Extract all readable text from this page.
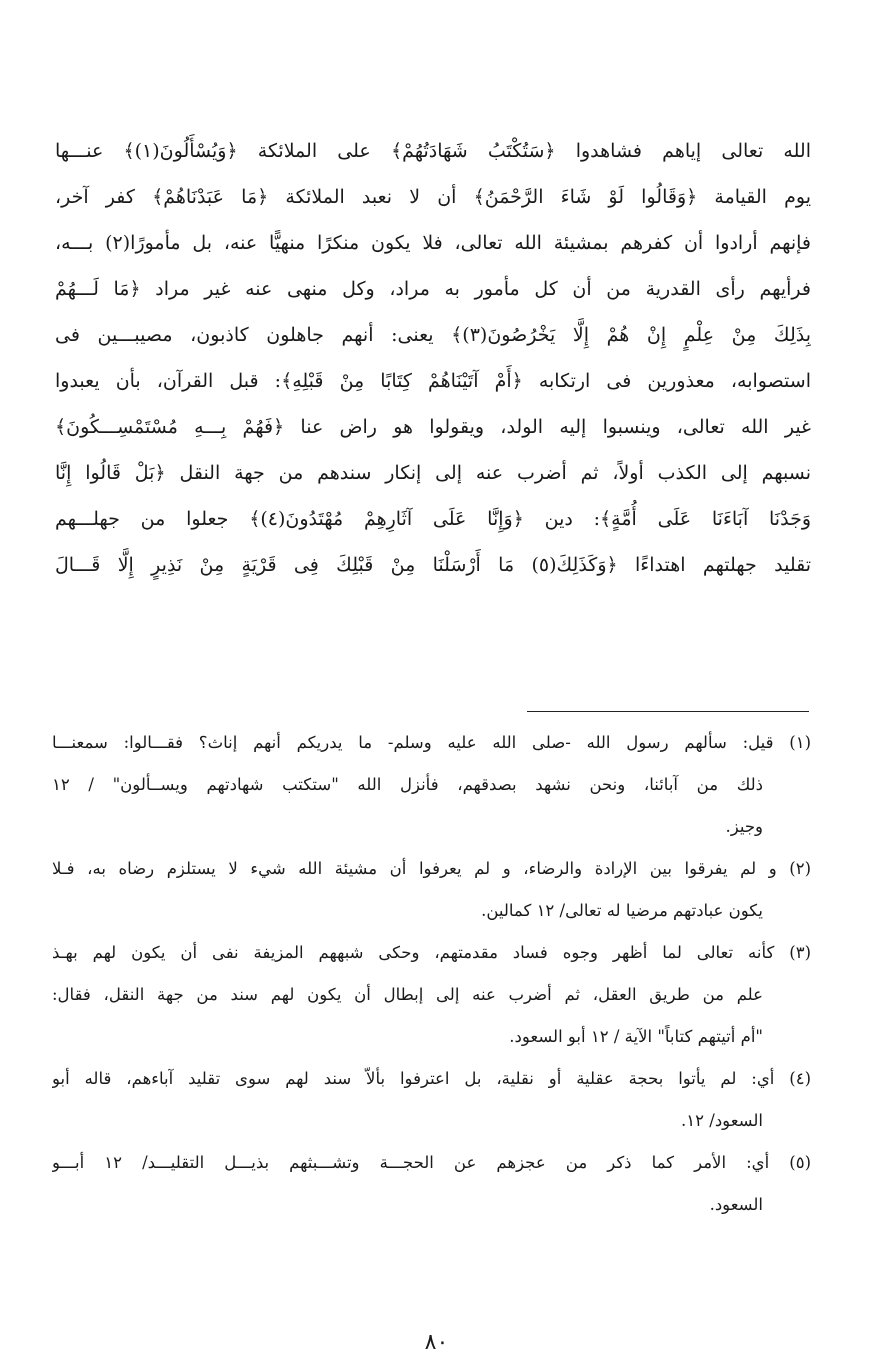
الله تعالى إياهم فشاهدوا ﴿سَتُكْتَبُ شَهَادَتُهُمْ﴾ على الملائكة ﴿وَيُسْأَلُونَ(١)﴾ عنـــها
يوم القيامة ﴿وَقَالُوا لَوْ شَاءَ الرَّحْمَنُ﴾ أن لا نعبد الملائكة ﴿مَا عَبَدْنَاهُمْ﴾ كفر آخر،
فإنهم أرادوا أن كفرهم بمشيئة الله تعالى، فلا يكون منكرًا منهيًّا عنه، بل مأمورًا(٢) بـــه،
فرأيهم رأى القدرية من أن كل مأمور به مراد، وكل منهى عنه غير مراد ﴿مَا لَـــهُمْ
بِذَلِكَ مِنْ عِلْمٍ إِنْ هُمْ إِلَّا يَخْرُصُونَ(٣)﴾ يعنى: أنهم جاهلون كاذبون، مصيبـــين فى
استصوابه، معذورين فى ارتكابه ﴿أَمْ آتَيْنَاهُمْ كِتَابًا مِنْ قَبْلِهِ﴾: قبل القرآن، بأن يعبدوا
غير الله تعالى، وينسبوا إليه الولد، ويقولوا هو راض عنا ﴿فَهُمْ بِـــهِ مُسْتَمْسِـــكُونَ﴾
نسبهم إلى الكذب أولاً، ثم أضرب عنه إلى إنكار سندهم من جهة النقل ﴿بَلْ قَالُوا إِنَّا
وَجَدْنَا آبَاءَنَا عَلَى أُمَّةٍ﴾: دين ﴿وَإِنَّا عَلَى آثَارِهِمْ مُهْتَدُونَ(٤)﴾ جعلوا من جهلـــهم
تقليد جهلتهم اهتداءًا ﴿وَكَذَلِكَ(٥) مَا أَرْسَلْنَا مِنْ قَبْلِكَ فِى قَرْيَةٍ مِنْ نَذِيرٍ إِلَّا قَـــالَ
(١) قيل: سألهم رسول الله -صلى الله عليه وسلم- ما يدريكم أنهم إناث؟ فقـــالوا: سمعنـــا
ذلك من آبائنا، ونحن نشهد بصدقهم، فأنزل الله "ستكتب شهادتهم ويســألون" / ١٢
وجيز.
(٢) و لم يفرقوا بين الإرادة والرضاء، و لم يعرفوا أن مشيئة الله شيء لا يستلزم رضاه به، فـلا
يكون عبادتهم مرضيا له تعالى/ ١٢ كمالين.
(٣) كأنه تعالى لما أظهر وجوه فساد مقدمتهم، وحكى شبههم المزيفة نفى أن يكون لهم بهـذ
علم من طريق العقل، ثم أضرب عنه إلى إبطال أن يكون لهم سند من جهة النقل، فقال:
"أم أتيتهم كتاباً" الآية / ١٢ أبو السعود.
(٤) أي: لم يأتوا بحجة عقلية أو نقلية، بل اعترفوا بألاّ سند لهم سوى تقليد آباءهم، قاله أبو
السعود/ ١٢.
(٥) أي: الأمر كما ذكر من عجزهم عن الحجـــة وتشـــبثهم بذيـــل التقليـــد/ ١٢ أبـــو
السعود.
٨٠
